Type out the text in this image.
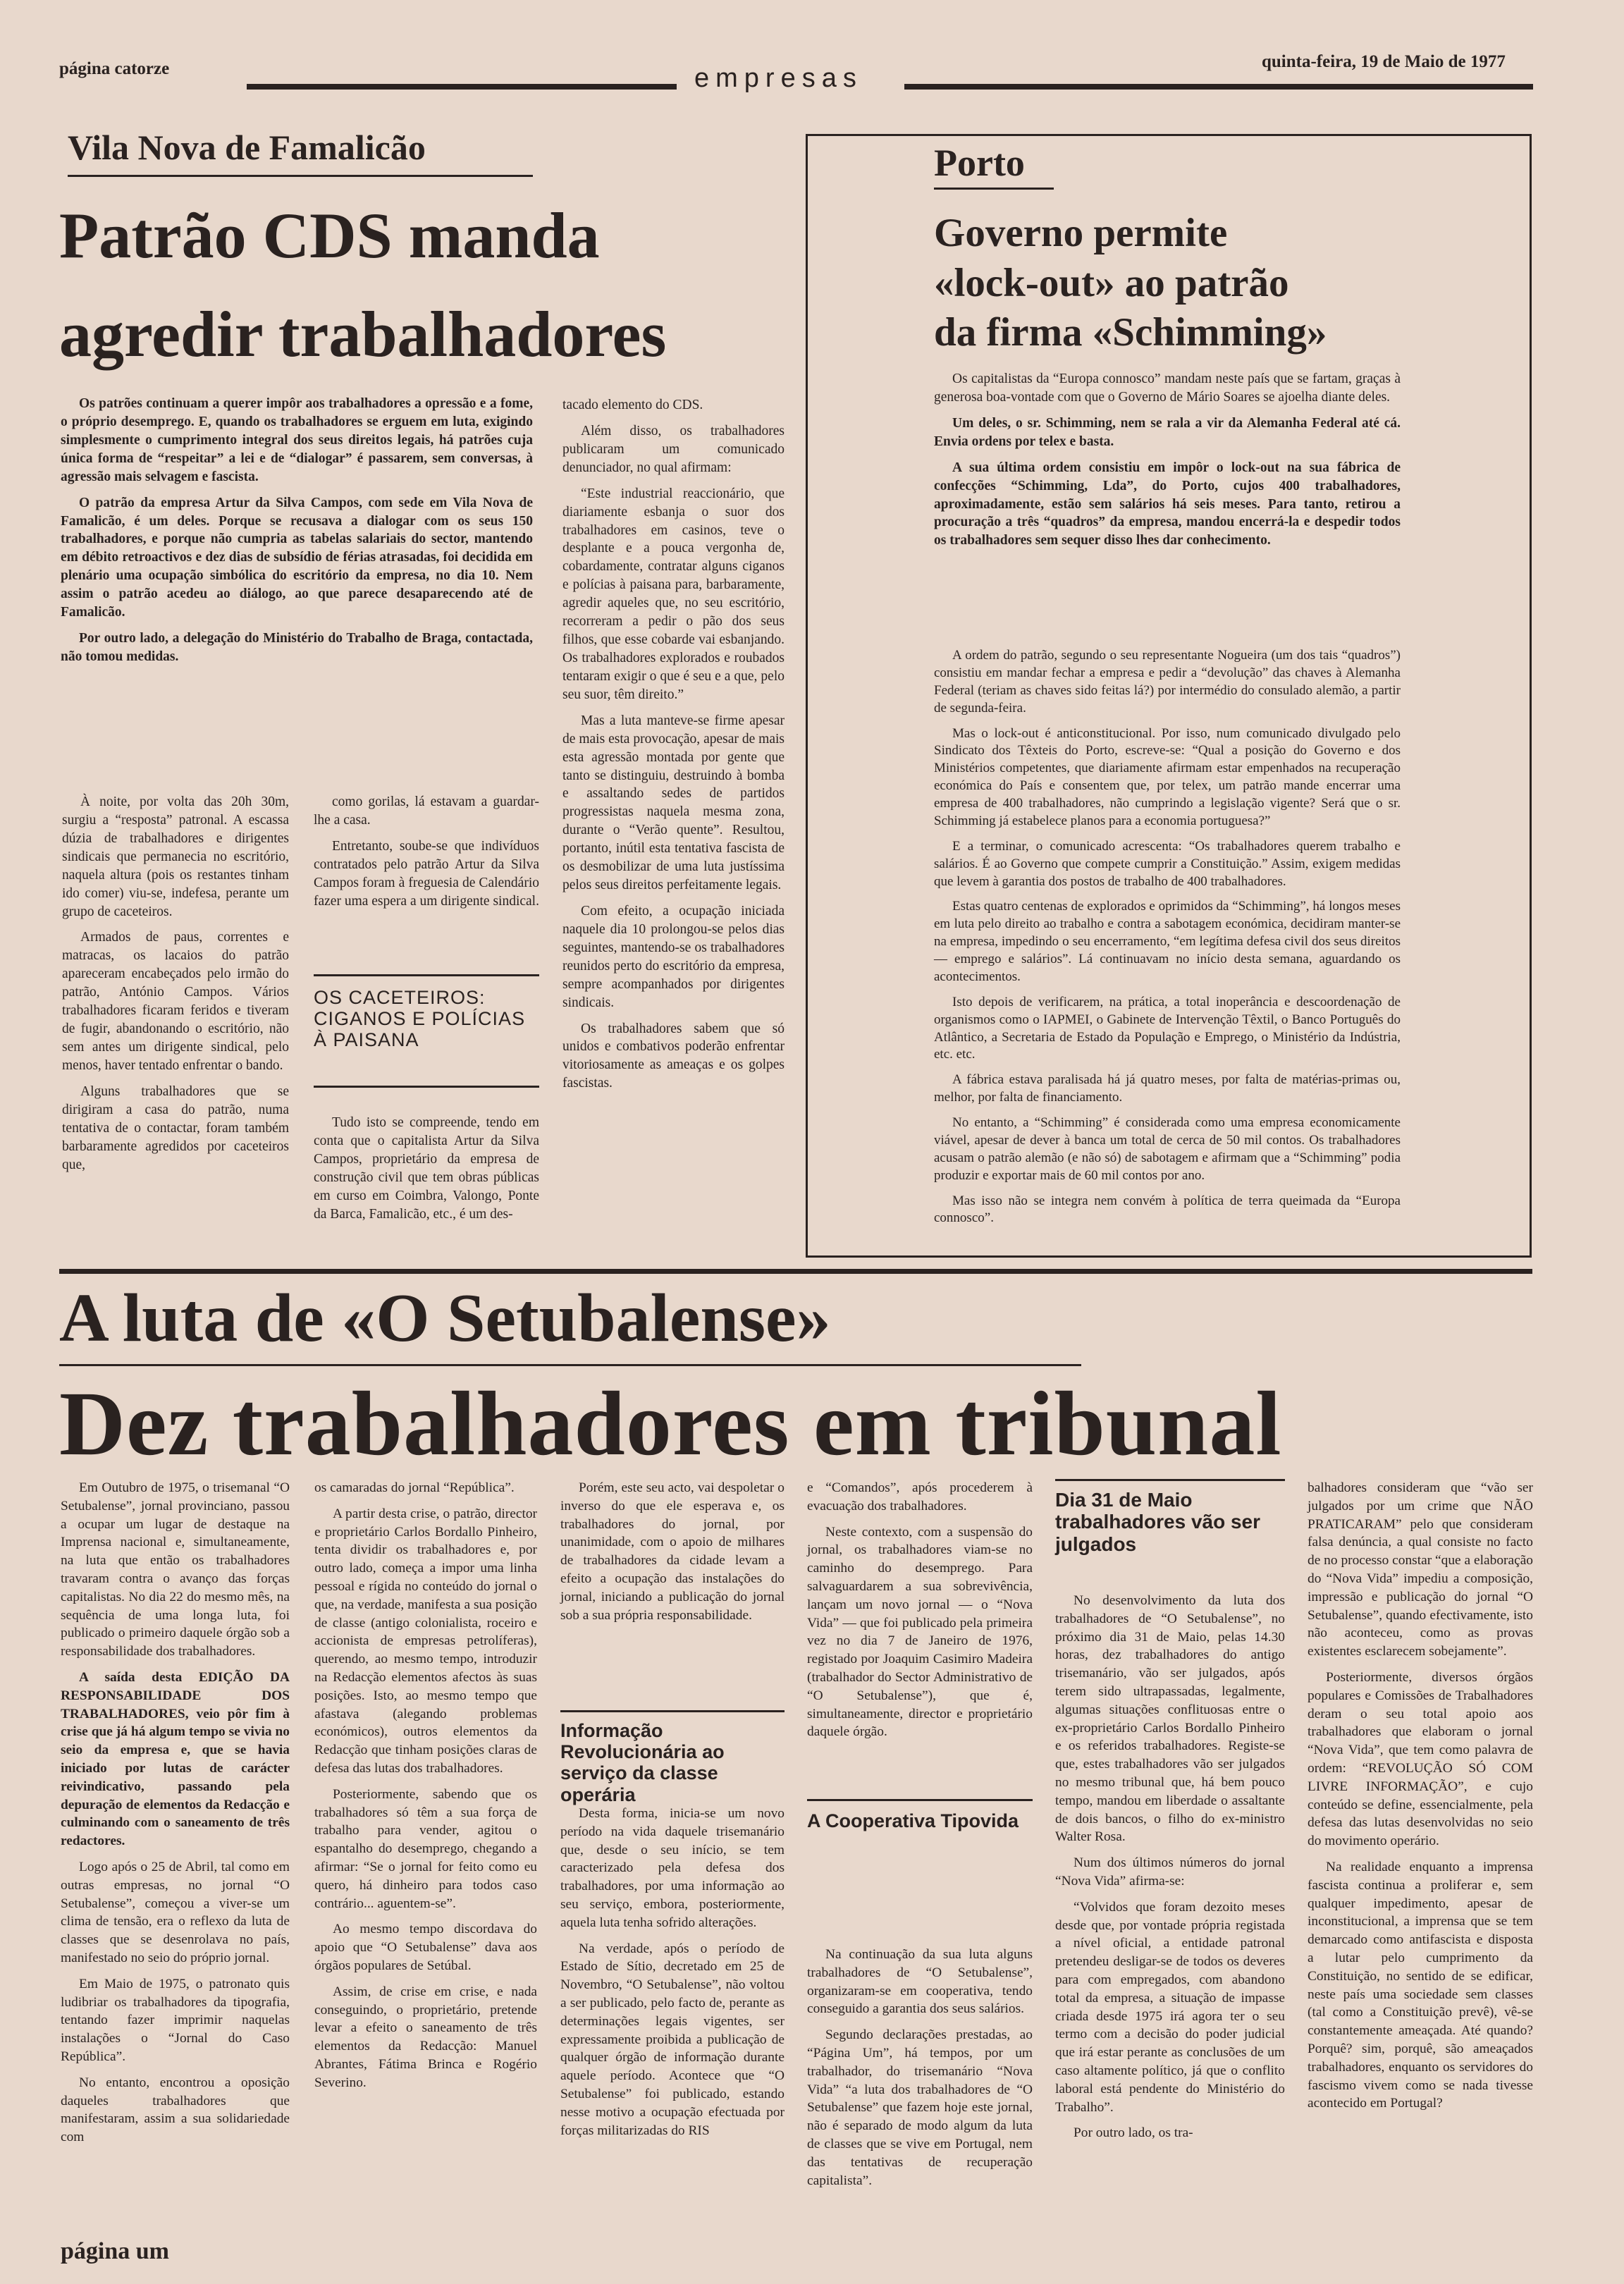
página catorze	empresas
quinta-feira, 19 de Maio de 1977
Vila Nova de Famalicão
Patrão CDS manda
agredir trabalhadores

Os patrões continuam a querer impôr aos trabalhadores a opressão e a fome, o próprio desemprego. E, quando os trabalhadores se erguem em luta, exigindo simplesmente o cumprimento integral dos seus direitos legais, há patrões cuja única forma de “respeitar” a lei e de “dialogar” é passarem, sem conversas, à agressão mais selvagem e fascista.

O patrão da empresa Artur da Silva Campos, com sede em Vila Nova de Famalicão, é um deles. Porque se recusava a dialogar com os seus 150 trabalhadores, e porque não cumpria as tabelas salariais do sector, mantendo em débito retroactivos e dez dias de subsídio de férias atrasadas, foi decidida em plenário uma ocupação simbólica do escritório da empresa, no dia 10. Nem assim o patrão acedeu ao diálogo, ao que parece desaparecendo até de Famalicão.

Por outro lado, a delegação do Ministério do Trabalho de Braga, contactada, não tomou medidas.

À noite, por volta das 20h 30m, surgiu a “resposta” patronal. A escassa dúzia de trabalhadores e dirigentes sindicais que permanecia no escritório, naquela altura (pois os restantes tinham ido comer) viu-se, indefesa, perante um grupo de caceteiros.

Armados de paus, correntes e matracas, os lacaios do patrão apareceram encabeçados pelo irmão do patrão, António Campos. Vários trabalhadores ficaram feridos e tiveram de fugir, abandonando o escritório, não sem antes um dirigente sindical, pelo menos, haver tentado enfrentar o bando.

Alguns trabalhadores que se dirigiram a casa do patrão, numa tentativa de o contactar, foram também barbaramente agredidos por caceteiros que,

como gorilas, lá estavam a guardar-lhe a casa.

Entretanto, soube-se que indivíduos contratados pelo patrão Artur da Silva Campos foram à freguesia de Calendário fazer uma espera a um dirigente sindical.

OS CACETEIROS: CIGANOS E POLÍCIAS À PAISANA

Tudo isto se compreende, tendo em conta que o capitalista Artur da Silva Campos, proprietário da empresa de construção civil que tem obras públicas em curso em Coimbra, Valongo, Ponte da Barca, Famalicão, etc., é um des-

tacado elemento do CDS.

Além disso, os trabalhadores publicaram um comunicado denunciador, no qual afirmam:

“Este industrial reaccionário, que diariamente esbanja o suor dos trabalhadores em casinos, teve o desplante e a pouca vergonha de, cobardamente, contratar alguns ciganos e polícias à paisana para, barbaramente, agredir aqueles que, no seu escritório, recorreram a pedir o pão dos seus filhos, que esse cobarde vai esbanjando. Os trabalhadores explorados e roubados tentaram exigir o que é seu e a que, pelo seu suor, têm direito.”

Mas a luta manteve-se firme apesar de mais esta provocação, apesar de mais esta agressão montada por gente que tanto se distinguiu, destruindo à bomba e assaltando sedes de partidos progressistas naquela mesma zona, durante o “Verão quente”. Resultou, portanto, inútil esta tentativa fascista de os desmobilizar de uma luta justíssima pelos seus direitos perfeitamente legais.

Com efeito, a ocupação iniciada naquele dia 10 prolongou-se pelos dias seguintes, mantendo-se os trabalhadores reunidos perto do escritório da empresa, sempre acompanhados por dirigentes sindicais.

Os trabalhadores sabem que só unidos e combativos poderão enfrentar vitoriosamente as ameaças e os golpes fascistas.

Porto
Governo permite
«lock-out» ao patrão
da firma «Schimming»

Os capitalistas da “Europa connosco” mandam neste país que se fartam, graças à generosa boa-vontade com que o Governo de Mário Soares se ajoelha diante deles.

Um deles, o sr. Schimming, nem se rala a vir da Alemanha Federal até cá. Envia ordens por telex e basta.

A sua última ordem consistiu em impôr o lock-out na sua fábrica de confecções “Schimming, Lda”, do Porto, cujos 400 trabalhadores, aproximadamente, estão sem salários há seis meses. Para tanto, retirou a procuração a três “quadros” da empresa, mandou encerrá-la e despedir todos os trabalhadores sem sequer disso lhes dar conhecimento.

A ordem do patrão, segundo o seu representante Nogueira (um dos tais “quadros”) consistiu em mandar fechar a empresa e pedir a “devolução” das chaves à Alemanha Federal (teriam as chaves sido feitas lá?) por intermédio do consulado alemão, a partir de segunda-feira.

Mas o lock-out é anticonstitucional. Por isso, num comunicado divulgado pelo Sindicato dos Têxteis do Porto, escreve-se: “Qual a posição do Governo e dos Ministérios competentes, que diariamente afirmam estar empenhados na recuperação económica do País e consentem que, por telex, um patrão mande encerrar uma empresa de 400 trabalhadores, não cumprindo a legislação vigente? Será que o sr. Schimming já estabelece planos para a economia portuguesa?”

E a terminar, o comunicado acrescenta: “Os trabalhadores querem trabalho e salários. É ao Governo que compete cumprir a Constituição.” Assim, exigem medidas que levem à garantia dos postos de trabalho de 400 trabalhadores.

Estas quatro centenas de explorados e oprimidos da “Schimming”, há longos meses em luta pelo direito ao trabalho e contra a sabotagem económica, decidiram manter-se na empresa, impedindo o seu encerramento, “em legítima defesa civil dos seus direitos — emprego e salários”. Lá continuavam no início desta semana, aguardando os acontecimentos.

Isto depois de verificarem, na prática, a total inoperância e descoordenação de organismos como o IAPMEI, o Gabinete de Intervenção Têxtil, o Banco Português do Atlântico, a Secretaria de Estado da População e Emprego, o Ministério da Indústria, etc. etc.

A fábrica estava paralisada há já quatro meses, por falta de matérias-primas ou, melhor, por falta de financiamento.

No entanto, a “Schimming” é considerada como uma empresa economicamente viável, apesar de dever à banca um total de cerca de 50 mil contos. Os trabalhadores acusam o patrão alemão (e não só) de sabotagem e afirmam que a “Schimming” podia produzir e exportar mais de 60 mil contos por ano.

Mas isso não se integra nem convém à política de terra queimada da “Europa connosco”.

A luta de «O Setubalense»
Dez trabalhadores em tribunal

Em Outubro de 1975, o trisemanal “O Setubalense”, jornal provinciano, passou a ocupar um lugar de destaque na Imprensa nacional e, simultaneamente, na luta que então os trabalhadores travaram contra o avanço das forças capitalistas. No dia 22 do mesmo mês, na sequência de uma longa luta, foi publicado o primeiro daquele órgão sob a responsabilidade dos trabalhadores.

A saída desta EDIÇÃO DA RESPONSABILIDADE DOS TRABALHADORES, veio pôr fim à crise que já há algum tempo se vivia no seio da empresa e, que se havia iniciado por lutas de carácter reivindicativo, passando pela depuração de elementos da Redacção e culminando com o saneamento de três redactores.

Logo após o 25 de Abril, tal como em outras empresas, no jornal “O Setubalense”, começou a viver-se um clima de tensão, era o reflexo da luta de classes que se desenrolava no país, manifestado no seio do próprio jornal.

Em Maio de 1975, o patronato quis ludibriar os trabalhadores da tipografia, tentando fazer imprimir naquelas instalações o “Jornal do Caso República”.

No entanto, encontrou a oposição daqueles trabalhadores que manifestaram, assim a sua solidariedade com

os camaradas do jornal “República”.

A partir desta crise, o patrão, director e proprietário Carlos Bordallo Pinheiro, tenta dividir os trabalhadores e, por outro lado, começa a impor uma linha pessoal e rígida no conteúdo do jornal o que, na verdade, manifesta a sua posição de classe (antigo colonialista, roceiro e accionista de empresas petrolíferas), querendo, ao mesmo tempo, introduzir na Redacção elementos afectos às suas posições. Isto, ao mesmo tempo que afastava (alegando problemas económicos), outros elementos da Redacção que tinham posições claras de defesa das lutas dos trabalhadores.

Posteriormente, sabendo que os trabalhadores só têm a sua força de trabalho para vender, agitou o espantalho do desemprego, chegando a afirmar: “Se o jornal for feito como eu quero, há dinheiro para todos caso contrário... aguentem-se”.

Ao mesmo tempo discordava do apoio que “O Setubalense” dava aos órgãos populares de Setúbal.

Assim, de crise em crise, e nada conseguindo, o proprietário, pretende levar a efeito o saneamento de três elementos da Redacção: Manuel Abrantes, Fátima Brinca e Rogério Severino.

Porém, este seu acto, vai despoletar o inverso do que ele esperava e, os trabalhadores do jornal, por unanimidade, com o apoio de milhares de trabalhadores da cidade levam a efeito a ocupação das instalações do jornal, iniciando a publicação do jornal sob a sua própria responsabilidade.

Informação Revolucionária ao serviço da classe operária

Desta forma, inicia-se um novo período na vida daquele trisemanário que, desde o seu início, se tem caracterizado pela defesa dos trabalhadores, por uma informação ao seu serviço, embora, posteriormente, aquela luta tenha sofrido alterações.

Na verdade, após o período de Estado de Sítio, decretado em 25 de Novembro, “O Setubalense”, não voltou a ser publicado, pelo facto de, perante as determinações legais vigentes, ser expressamente proibida a publicação de qualquer órgão de informação durante aquele período. Acontece que “O Setubalense” foi publicado, estando nesse motivo a ocupação efectuada por forças militarizadas do RIS

e “Comandos”, após procederem à evacuação dos trabalhadores.

Neste contexto, com a suspensão do jornal, os trabalhadores viam-se no caminho do desemprego. Para salvaguardarem a sua sobrevivência, lançam um novo jornal — o “Nova Vida” — que foi publicado pela primeira vez no dia 7 de Janeiro de 1976, registado por Joaquim Casimiro Madeira (trabalhador do Sector Administrativo de “O Setubalense”), que é, simultaneamente, director e proprietário daquele órgão.

A Cooperativa Tipovida

Na continuação da sua luta alguns trabalhadores de “O Setubalense”, organizaram-se em cooperativa, tendo conseguido a garantia dos seus salários.

Segundo declarações prestadas, ao “Página Um”, há tempos, por um trabalhador, do trisemanário “Nova Vida” “a luta dos trabalhadores de “O Setubalense” que fazem hoje este jornal, não é separado de modo algum da luta de classes que se vive em Portugal, nem das tentativas de recuperação capitalista”.

Dia 31 de Maio trabalhadores vão ser julgados

No desenvolvimento da luta dos trabalhadores de “O Setubalense”, no próximo dia 31 de Maio, pelas 14.30 horas, dez trabalhadores do antigo trisemanário, vão ser julgados, após terem sido ultrapassadas, legalmente, algumas situações conflituosas entre o ex-proprietário Carlos Bordallo Pinheiro e os referidos trabalhadores. Registe-se que, estes trabalhadores vão ser julgados no mesmo tribunal que, há bem pouco tempo, mandou em liberdade o assaltante de dois bancos, o filho do ex-ministro Walter Rosa.

Num dos últimos números do jornal “Nova Vida” afirma-se:

“Volvidos que foram dezoito meses desde que, por vontade própria registada a nível oficial, a entidade patronal pretendeu desligar-se de todos os deveres para com empregados, com abandono total da empresa, a situação de impasse criada desde 1975 irá agora ter o seu termo com a decisão do poder judicial que irá estar perante as conclusões de um caso altamente político, já que o conflito laboral está pendente do Ministério do Trabalho”.

Por outro lado, os tra-

balhadores consideram que “vão ser julgados por um crime que NÃO PRATICARAM” pelo que consideram falsa denúncia, a qual consiste no facto de no processo constar “que a elaboração do “Nova Vida” impediu a composição, impressão e publicação do jornal “O Setubalense”, quando efectivamente, isto não aconteceu, como as provas existentes esclarecem sobejamente”.

Posteriormente, diversos órgãos populares e Comissões de Trabalhadores deram o seu total apoio aos trabalhadores que elaboram o jornal “Nova Vida”, que tem como palavra de ordem: “REVOLUÇÃO SÓ COM LIVRE INFORMAÇÃO”, e cujo conteúdo se define, essencialmente, pela defesa das lutas desenvolvidas no seio do movimento operário.

Na realidade enquanto a imprensa fascista continua a proliferar e, sem qualquer impedimento, apesar de inconstitucional, a imprensa que se tem demarcado como antifascista e disposta a lutar pelo cumprimento da Constituição, no sentido de se edificar, neste país uma sociedade sem classes (tal como a Constituição prevê), vê-se constantemente ameaçada. Até quando? Porquê? sim, porquê, são ameaçados trabalhadores, enquanto os servidores do fascismo vivem como se nada tivesse acontecido em Portugal?

página um
